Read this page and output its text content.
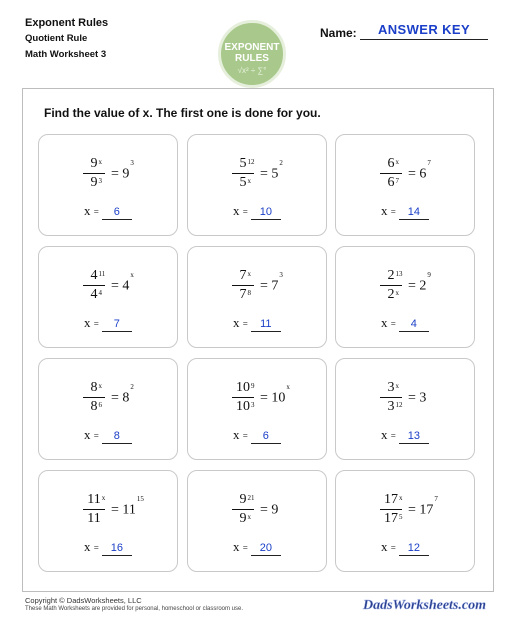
Exponent Rules
Quotient Rule
Math Worksheet 3
EXPONENT
RULES
√x² ÷ ∑°
Name:	ANSWER KEY
Find the value of x. The first one is done for you.
9 x
9 $3 = 9^3$
x = 6
5 12
5 $x = 5^2$
x = 10
6 x
6 $7 = 6^7$
x = 14
4 11
4 $4 = 4^x$
x = 7
7 x
7 $8 = 7^3$
x = 11
2 13
2 $x = 2^9$
x = 4
8 x
8 $6 = 8^2$
x = 8
10 9
10 $3 = 10^x$
x = 6
3 x
3 12 = 3
x = 13
11 x
11
= $11^{15}$
x = 16
9 21
9 x = 9
x = 20
17 x
17 $5 = 17^7$
x = 12
Copyright © DadsWorksheets, LLC
These Math Worksheets are provided for personal, homeschool or classroom use.	DadsWorksheets.com
